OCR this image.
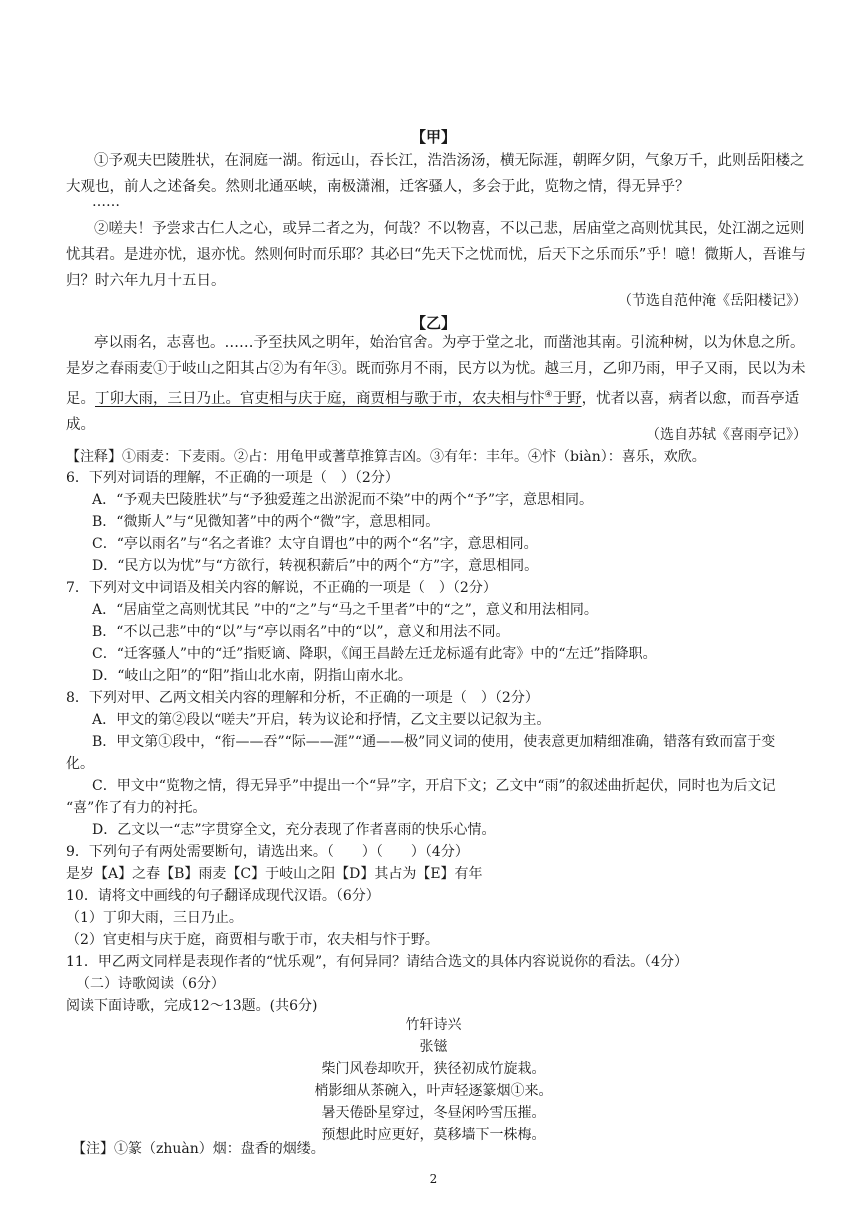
【甲】

①予观夫巴陵胜状，在洞庭一湖。衔远山，吞长江，浩浩汤汤，横无际涯，朝晖夕阴，气象万千，此则岳阳楼之大观也，前人之述备矣。然则北通巫峡，南极潇湘，迁客骚人，多会于此，览物之情，得无异乎？

……

②嗟夫！予尝求古仁人之心，或异二者之为，何哉？不以物喜，不以己悲，居庙堂之高则忧其民，处江湖之远则忧其君。是进亦忧，退亦忧。然则何时而乐耶？其必曰“先天下之忧而忧，后天下之乐而乐”乎！噫！微斯人，吾谁与归？时六年九月十五日。

（节选自范仲淹《岳阳楼记》）
【乙】

亭以雨名，志喜也。……予至扶风之明年，始治官舍。为亭于堂之北，而凿池其南。引流种树，以为休息之所。是岁之春雨麦①于岐山之阳其占②为有年③。既而弥月不雨，民方以为忧。越三月，乙卯乃雨，甲子又雨，民以为未足。丁卯大雨，三日乃止。官吏相与庆于庭，商贾相与歌于市，农夫相与忭④于野，忧者以喜，病者以愈，而吾亭适成。

（选自苏轼《喜雨亭记》）
【注释】①雨麦：下麦雨。②占：用龟甲或蓍草推算吉凶。③有年：丰年。④忭（biàn）：喜乐，欢欣。
6．下列对词语的理解，不正确的一项是（　）（2分）
A．“予观夫巴陵胜状”与“予独爱莲之出淤泥而不染”中的两个“予”字，意思相同。
B．“微斯人”与“见微知著”中的两个“微”字，意思相同。
C．“亭以雨名”与“名之者谁？太守自谓也”中的两个“名”字，意思相同。
D．“民方以为忧”与“方欲行，转视积薪后”中的两个“方”字，意思相同。
7．下列对文中词语及相关内容的解说，不正确的一项是（　）（2分）
A．“居庙堂之高则忧其民 ”中的“之”与“马之千里者”中的“之”，意义和用法相同。
B．“不以己悲”中的“以”与“亭以雨名”中的“以”，意义和用法不同。
C．“迁客骚人”中的“迁”指贬谪、降职，《闻王昌龄左迁龙标遥有此寄》中的“左迁”指降职。
D．“岐山之阳”的“阳”指山北水南，阴指山南水北。
8．下列对甲、乙两文相关内容的理解和分析，不正确的一项是（　）（2分）
A．甲文的第②段以“嗟夫”开启，转为议论和抒情，乙文主要以记叙为主。
B．甲文第①段中，“衔——吞”“际——涯”“通——极”同义词的使用，使表意更加精细准确，错落有致而富于变
化。
C．甲文中“览物之情，得无异乎”中提出一个“异”字，开启下文；乙文中“雨”的叙述曲折起伏，同时也为后文记
“喜”作了有力的衬托。
D．乙文以一“志”字贯穿全文，充分表现了作者喜雨的快乐心情。
9．下列句子有两处需要断句，请选出来。（　　）（　　）（4分）
是岁【A】之春【B】雨麦【C】于岐山之阳【D】其占为【E】有年
10．请将文中画线的句子翻译成现代汉语。（6分）
（1）丁卯大雨，三日乃止。
（2）官吏相与庆于庭，商贾相与歌于市，农夫相与忭于野。
11．甲乙两文同样是表现作者的“忧乐观”，有何异同？请结合选文的具体内容说说你的看法。（4分）
（二）诗歌阅读（6分）
阅读下面诗歌，完成12～13题。(共6分)
竹轩诗兴
张镃
柴门风卷却吹开，狭径初成竹旋栽。
梢影细从茶碗入，叶声轻逐篆烟①来。
暑天倦卧星穿过，冬昼闲吟雪压摧。
预想此时应更好，莫移墙下一株梅。
【注】①篆（zhuàn）烟：盘香的烟缕。
2
